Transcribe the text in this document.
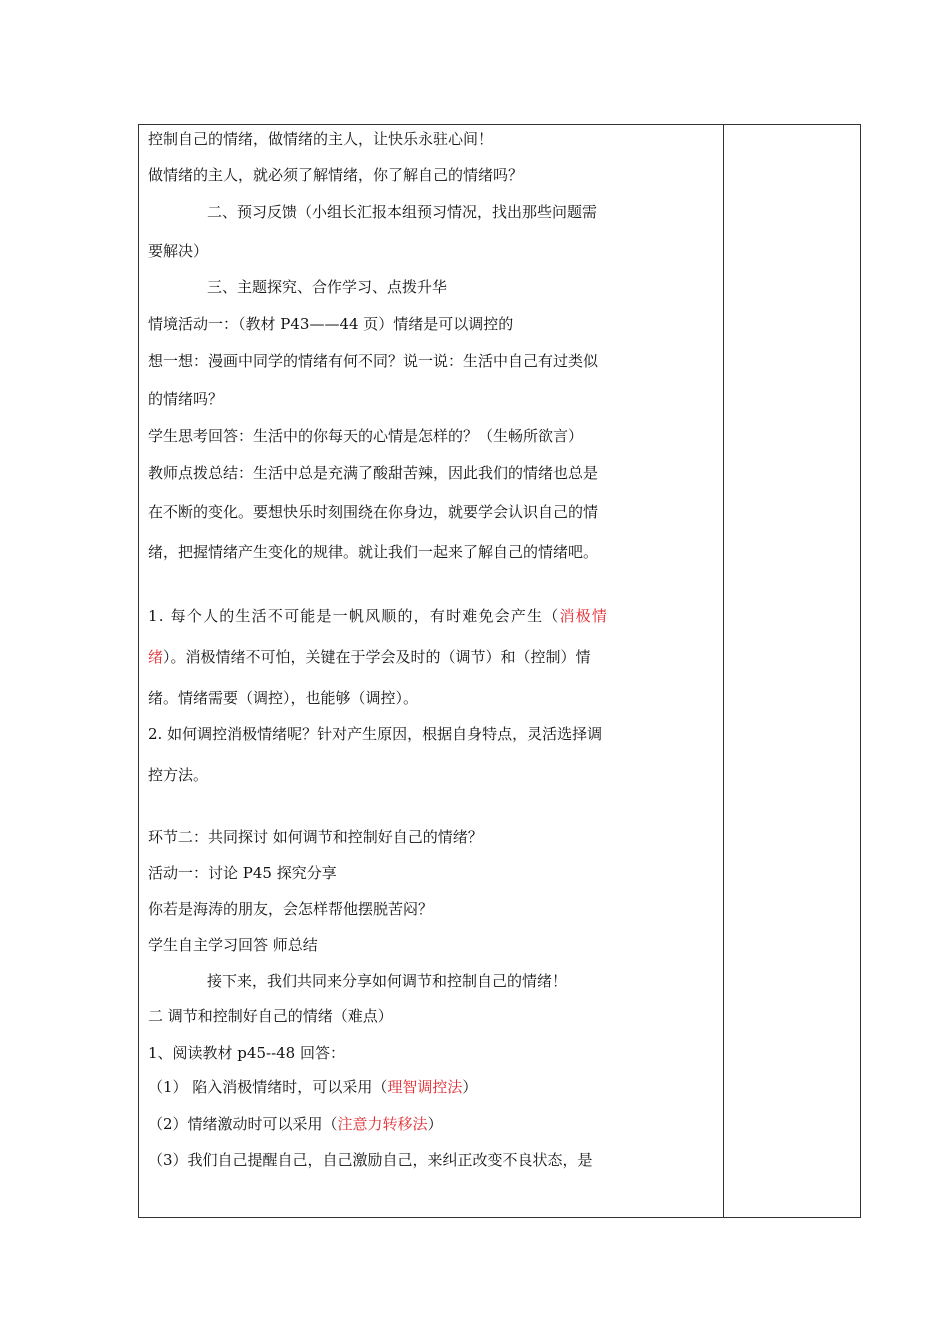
控制自己的情绪，做情绪的主人，让快乐永驻心间！
做情绪的主人，就必须了解情绪，你了解自己的情绪吗？
二、预习反馈（小组长汇报本组预习情况，找出那些问题需
要解决）
三、主题探究、合作学习、点拨升华
情境活动一：（教材 P43——44 页）情绪是可以调控的
想一想：漫画中同学的情绪有何不同？说一说：生活中自己有过类似
的情绪吗？
学生思考回答：生活中的你每天的心情是怎样的？（生畅所欲言）
教师点拨总结：生活中总是充满了酸甜苦辣，因此我们的情绪也总是
在不断的变化。要想快乐时刻围绕在你身边，就要学会认识自己的情
绪，把握情绪产生变化的规律。就让我们一起来了解自己的情绪吧。
1. 每个人的生活不可能是一帆风顺的，有时难免会产生（消极情
绪）。消极情绪不可怕，关键在于学会及时的（调节）和（控制）情
绪。情绪需要（调控），也能够（调控）。
2. 如何调控消极情绪呢？针对产生原因，根据自身特点，灵活选择调
控方法。
环节二：共同探讨 如何调节和控制好自己的情绪？
活动一：讨论 P45 探究分享
你若是海涛的朋友，会怎样帮他摆脱苦闷？
学生自主学习回答 师总结
接下来，我们共同来分享如何调节和控制自己的情绪！
二 调节和控制好自己的情绪（难点）
1、阅读教材 p45--48 回答：
（1） 陷入消极情绪时，可以采用（理智调控法）
（2）情绪激动时可以采用（注意力转移法）
（3）我们自己提醒自己，自己激励自己，来纠正改变不良状态，是
